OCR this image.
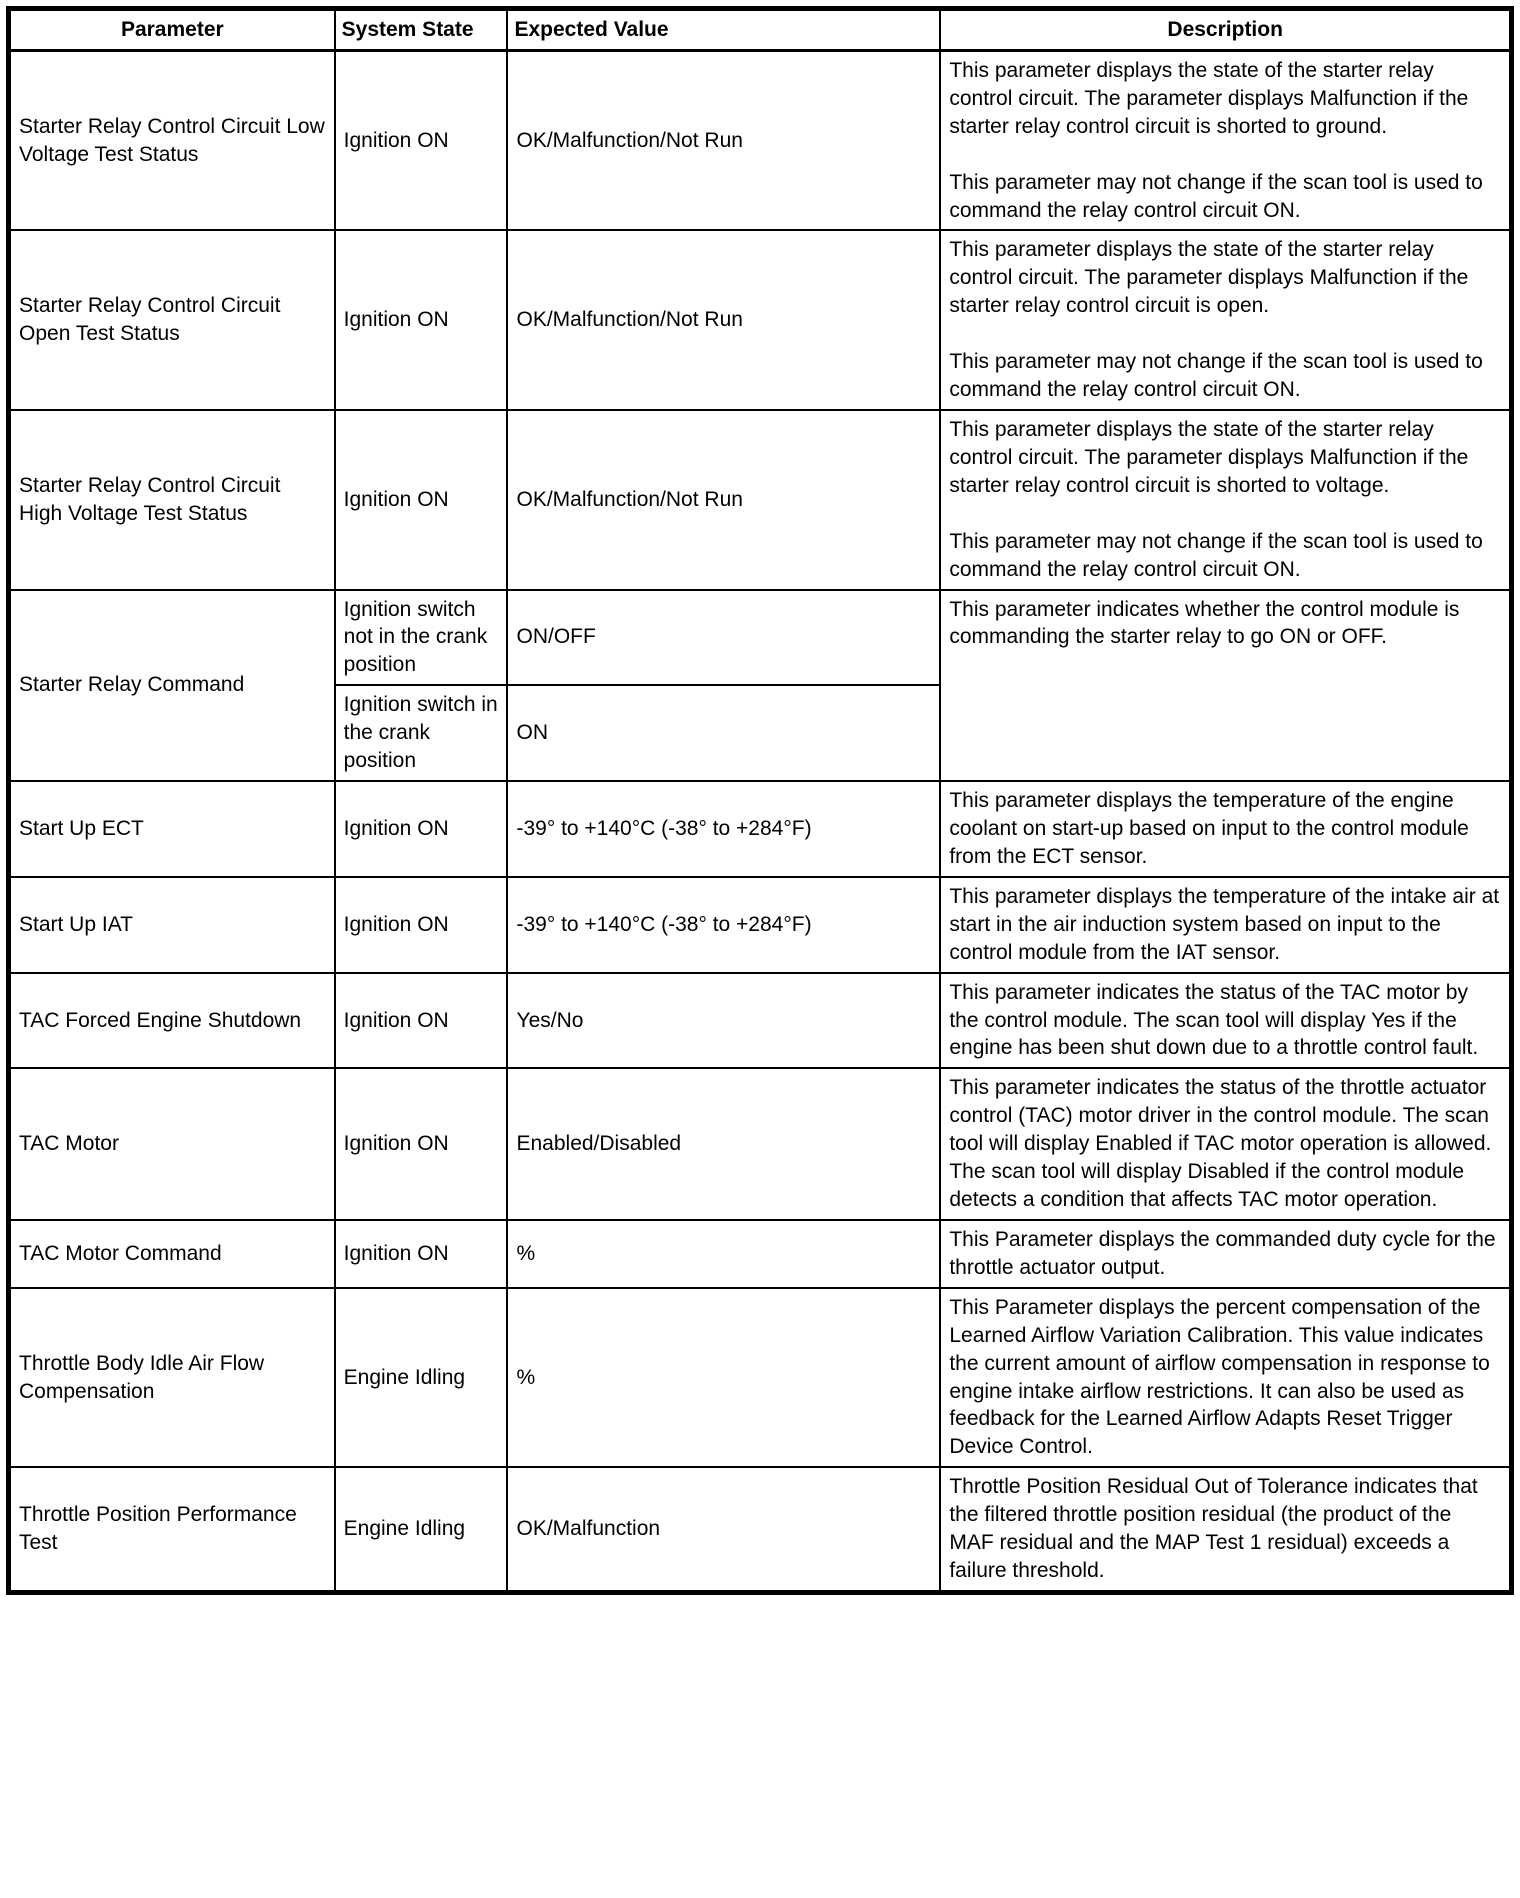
Parameter	System State	Expected Value	Description
Starter Relay Control Circuit Low Voltage Test Status	Ignition ON	OK/Malfunction/Not Run	This parameter displays the state of the starter relay control circuit. The parameter displays Malfunction if the starter relay control circuit is shorted to ground.

This parameter may not change if the scan tool is used to command the relay control circuit ON.

Starter Relay Control Circuit Open Test Status	Ignition ON	OK/Malfunction/Not Run	This parameter displays the state of the starter relay control circuit. The parameter displays Malfunction if the starter relay control circuit is open.

This parameter may not change if the scan tool is used to command the relay control circuit ON.

Starter Relay Control Circuit High Voltage Test Status	Ignition ON	OK/Malfunction/Not Run	This parameter displays the state of the starter relay control circuit. The parameter displays Malfunction if the starter relay control circuit is shorted to voltage.

This parameter may not change if the scan tool is used to command the relay control circuit ON.

Starter Relay Command	Ignition switch not in the crank position	ON/OFF	This parameter indicates whether the control module is commanding the starter relay to go ON or OFF.

	Ignition switch in the crank position	ON	
Start Up ECT	Ignition ON	-39° to +140°C (-38° to +284°F)	This parameter displays the temperature of the engine coolant on start-up based on input to the control module from the ECT sensor.

Start Up IAT	Ignition ON	-39° to +140°C (-38° to +284°F)	This parameter displays the temperature of the intake air at start in the air induction system based on input to the control module from the IAT sensor.

TAC Forced Engine Shutdown	Ignition ON	Yes/No	This parameter indicates the status of the TAC motor by the control module. The scan tool will display Yes if the engine has been shut down due to a throttle control fault.

TAC Motor	Ignition ON	Enabled/Disabled	This parameter indicates the status of the throttle actuator control (TAC) motor driver in the control module. The scan tool will display Enabled if TAC motor operation is allowed. The scan tool will display Disabled if the control module detects a condition that affects TAC motor operation.

TAC Motor Command	Ignition ON	%	This Parameter displays the commanded duty cycle for the throttle actuator output.

Throttle Body Idle Air Flow Compensation	Engine Idling	%	This Parameter displays the percent compensation of the Learned Airflow Variation Calibration. This value indicates the current amount of airflow compensation in response to engine intake airflow restrictions. It can also be used as feedback for the Learned Airflow Adapts Reset Trigger Device Control.

Throttle Position Performance Test	Engine Idling	OK/Malfunction	Throttle Position Residual Out of Tolerance indicates that the filtered throttle position residual (the product of the MAF residual and the MAP Test 1 residual) exceeds a failure threshold.
